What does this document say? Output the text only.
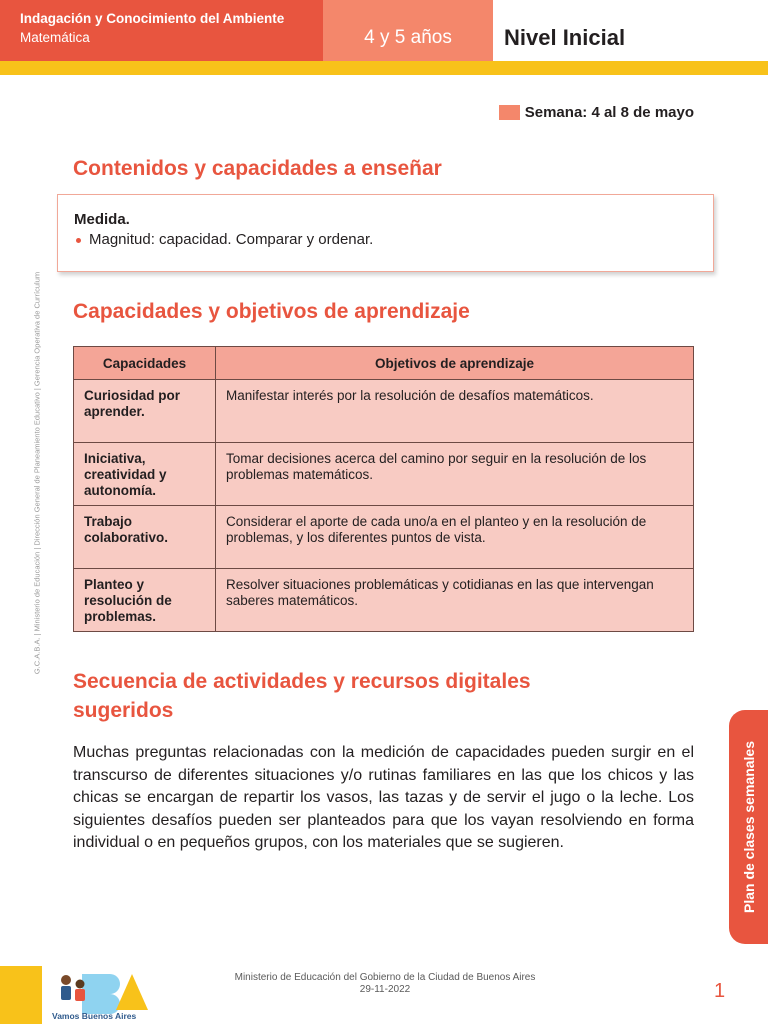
Indagación y Conocimiento del Ambiente
Matemática	4 y 5 años	Nivel Inicial
Semana: 4 al 8 de mayo
Contenidos y capacidades a enseñar
Medida.
Magnitud: capacidad. Comparar y ordenar.
Capacidades y objetivos de aprendizaje
Capacidades	Objetivos de aprendizaje
Curiosidad por aprender.	Manifestar interés por la resolución de desafíos matemáticos.
Iniciativa, creatividad y autonomía.	Tomar decisiones acerca del camino por seguir en la resolución de los problemas matemáticos.
Trabajo colaborativo.	Considerar el aporte de cada uno/a en el planteo y en la resolución de problemas, y los diferentes puntos de vista.
Planteo y resolución de problemas.	Resolver situaciones problemáticas y cotidianas en las que intervengan saberes matemáticos.
Secuencia de actividades y recursos digitales sugeridos

Muchas preguntas relacionadas con la medición de capacidades pueden surgir en el transcurso de diferentes situaciones y/o rutinas familiares en las que los chicos y las chicas se encargan de repartir los vasos, las tazas y de servir el jugo o la leche. Los siguientes desafíos pueden ser planteados para que los vayan resolviendo en forma individual o en pequeños grupos, con los materiales que se sugieren.

G.C.A.B.A. | Ministerio de Educación | Dirección General de Planeamiento Educativo | Gerencia Operativa de Currículum
Plan de clases semanales
Vamos Buenos Aires
Ministerio de Educación del Gobierno de la Ciudad de Buenos Aires
29-11-2022	1
